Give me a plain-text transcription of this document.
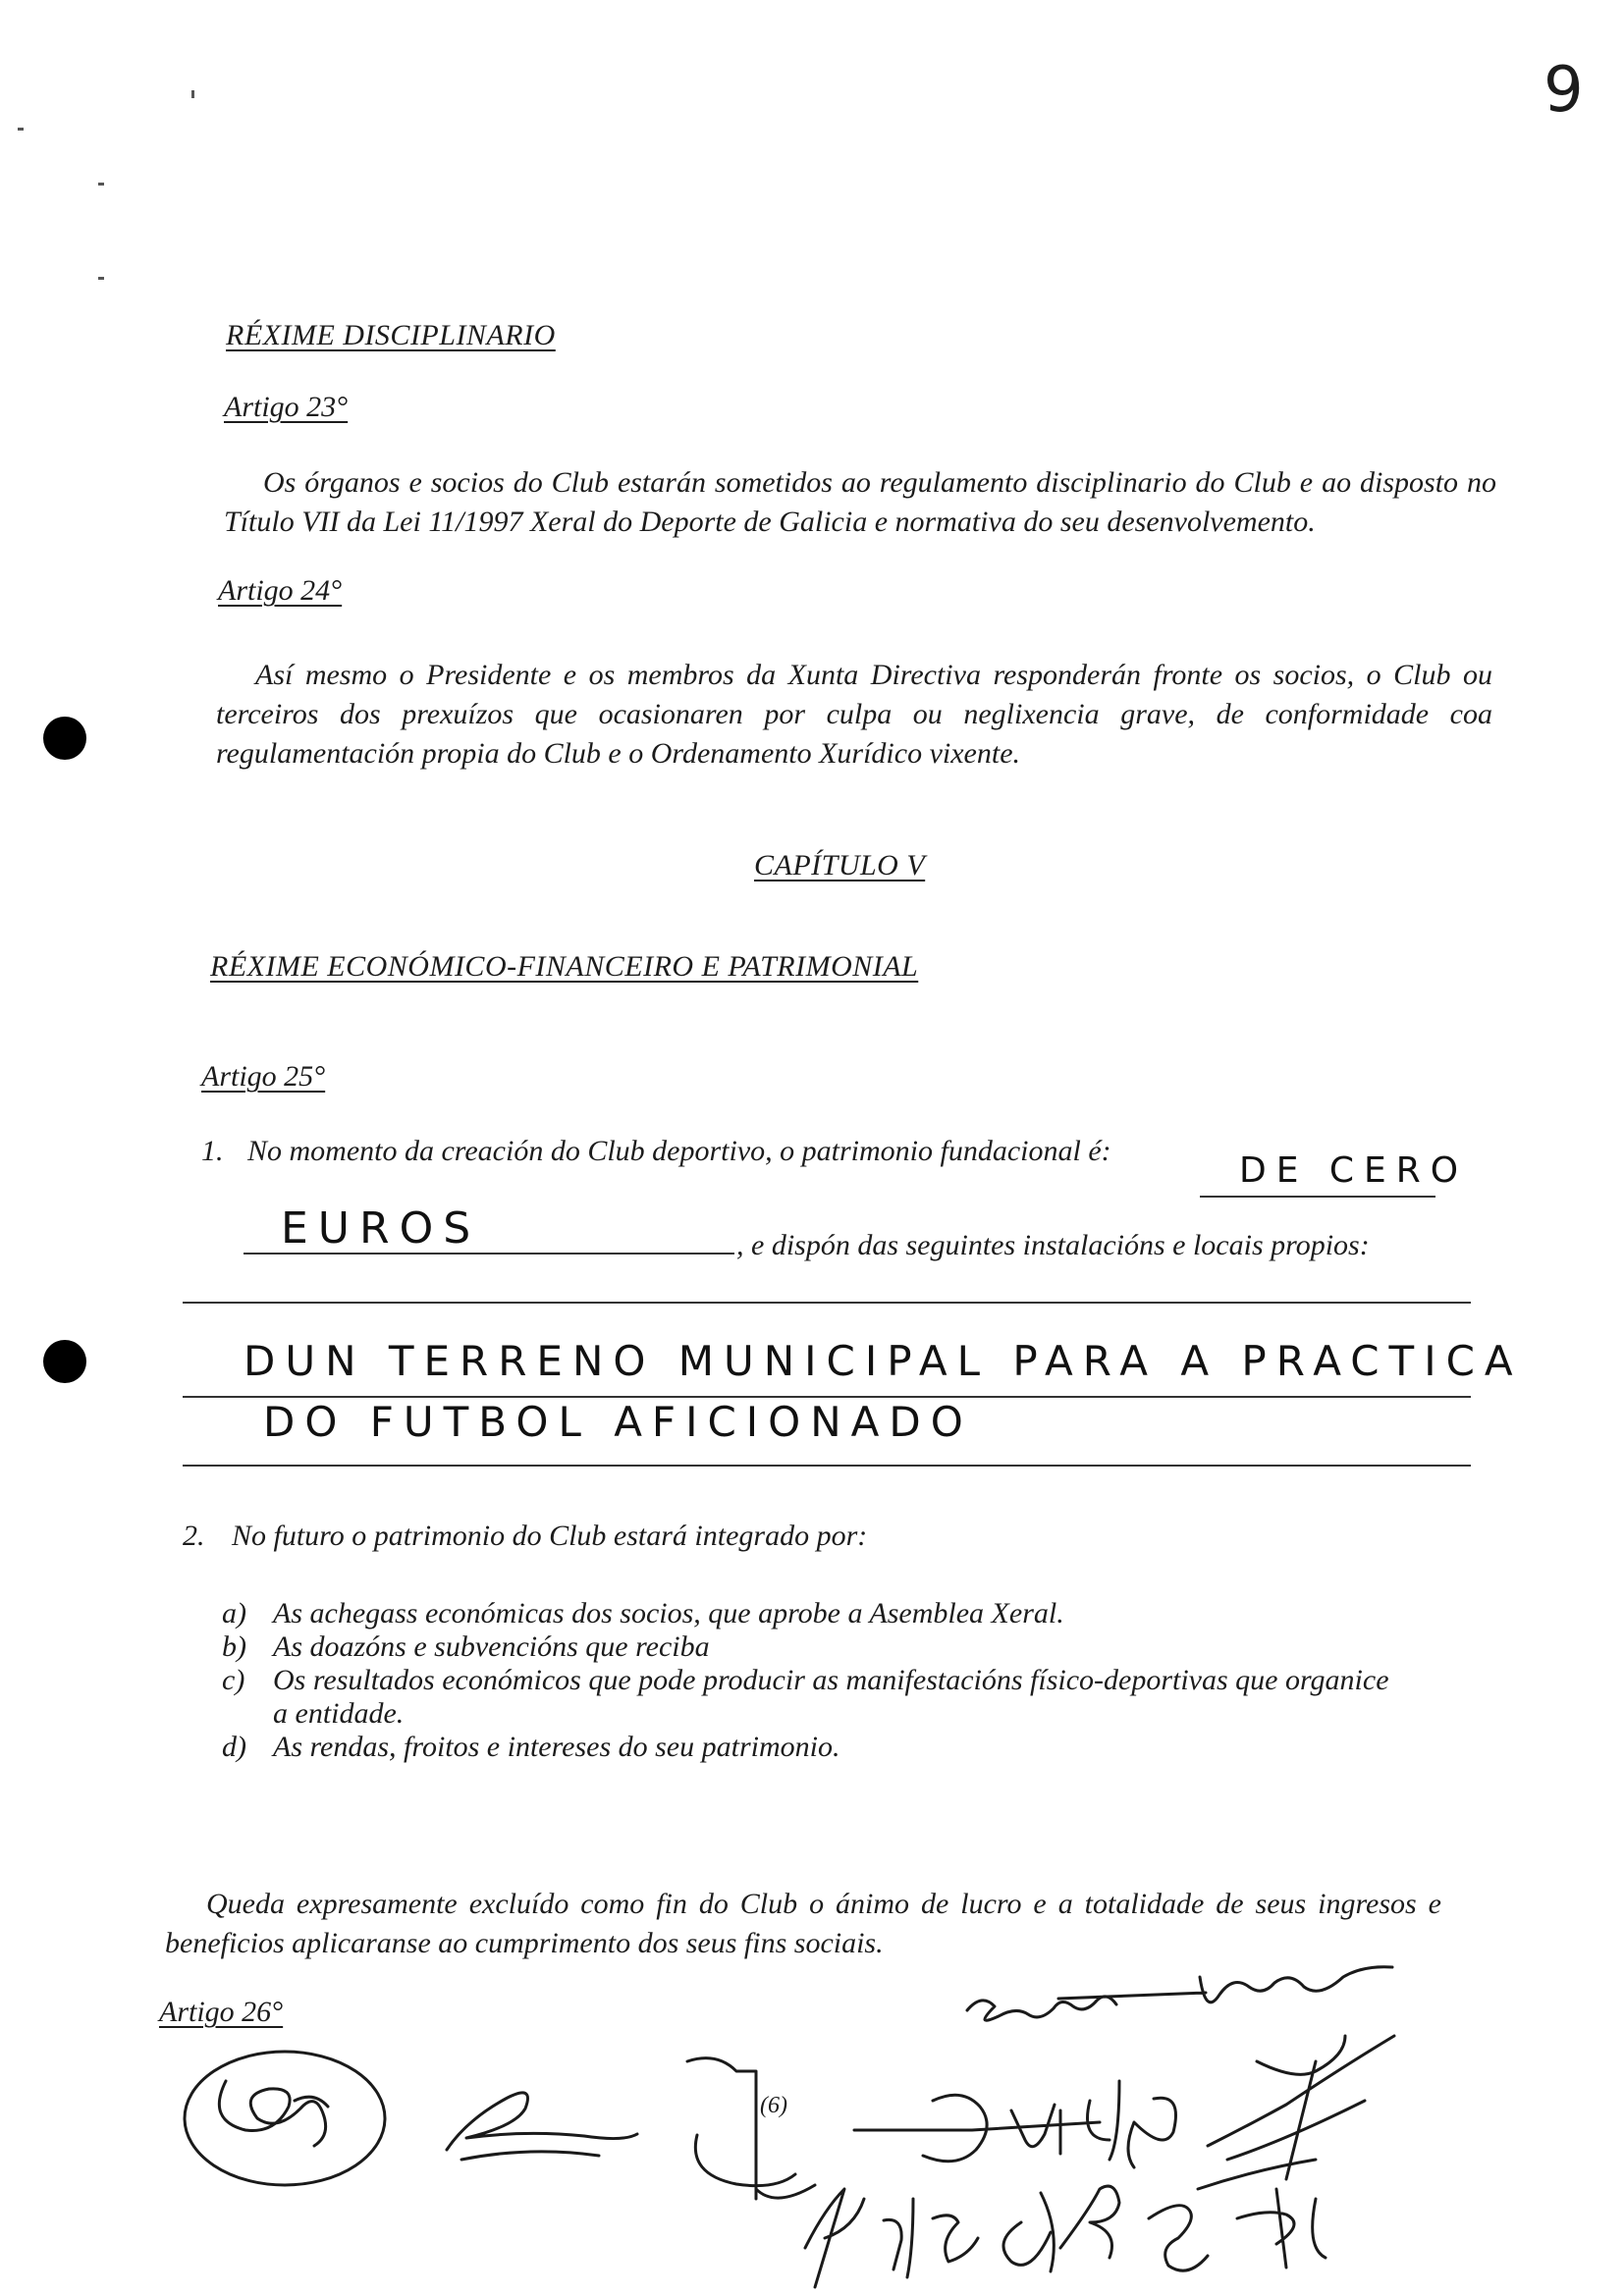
9
RÉXIME DISCIPLINARIO
Artigo 23°
Os órganos e socios do Club estarán sometidos ao regulamento disciplinario do Club e ao disposto no Título VII da Lei 11/1997 Xeral do Deporte de Galicia e normativa do seu desenvolvemento.
Artigo 24°
Así mesmo o Presidente e os membros da Xunta Directiva responderán fronte os socios, o Club ou terceiros dos prexuízos que ocasionaren por culpa ou neglixencia grave, de conformidade coa regulamentación propia do Club e o Ordenamento Xurídico vixente.
CAPÍTULO V
RÉXIME ECONÓMICO-FINANCEIRO E PATRIMONIAL
Artigo 25°
1. No momento da creación do Club deportivo, o patrimonio fundacional é:	DE CERO
EUROS	, e dispón das seguintes instalacións e locais propios:
DUN TERRENO MUNICIPAL PARA A PRACTICA
DO FUTBOL AFICIONADO
2. No futuro o patrimonio do Club estará integrado por:
a) As achegass económicas dos socios, que aprobe a Asemblea Xeral.
b) As doazóns e subvencións que reciba
c) Os resultados económicos que pode producir as manifestacións físico-deportivas que organice
a entidade.
d) As rendas, froitos e intereses do seu patrimonio.
Queda expresamente excluído como fin do Club o ánimo de lucro e a totalidade de seus ingresos e beneficios aplicaranse ao cumprimento dos seus fins sociais.
Artigo 26°
(6)
